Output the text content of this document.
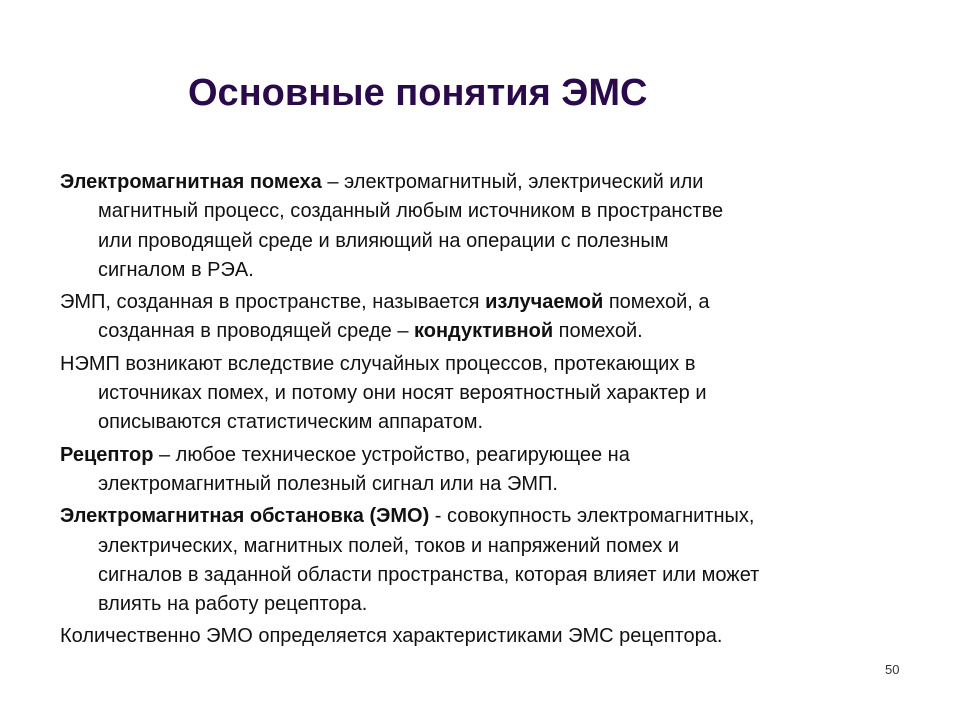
Основные понятия ЭМС
Электромагнитная помеха – электромагнитный, электрический или
магнитный процесс, созданный любым источником в пространстве
или проводящей среде и влияющий на операции с полезным
сигналом в РЭА.
ЭМП, созданная в пространстве, называется излучаемой помехой, а
созданная в проводящей среде – кондуктивной помехой.
НЭМП возникают вследствие случайных процессов, протекающих в
источниках помех, и потому они носят вероятностный характер и
описываются статистическим аппаратом.
Рецептор – любое техническое устройство, реагирующее на
электромагнитный полезный сигнал или на ЭМП.
Электромагнитная обстановка (ЭМО) - совокупность электромагнитных,
электрических, магнитных полей, токов и напряжений помех и
сигналов в заданной области пространства, которая влияет или может
влиять на работу рецептора.
Количественно ЭМО определяется характеристиками ЭМС рецептора.
50
